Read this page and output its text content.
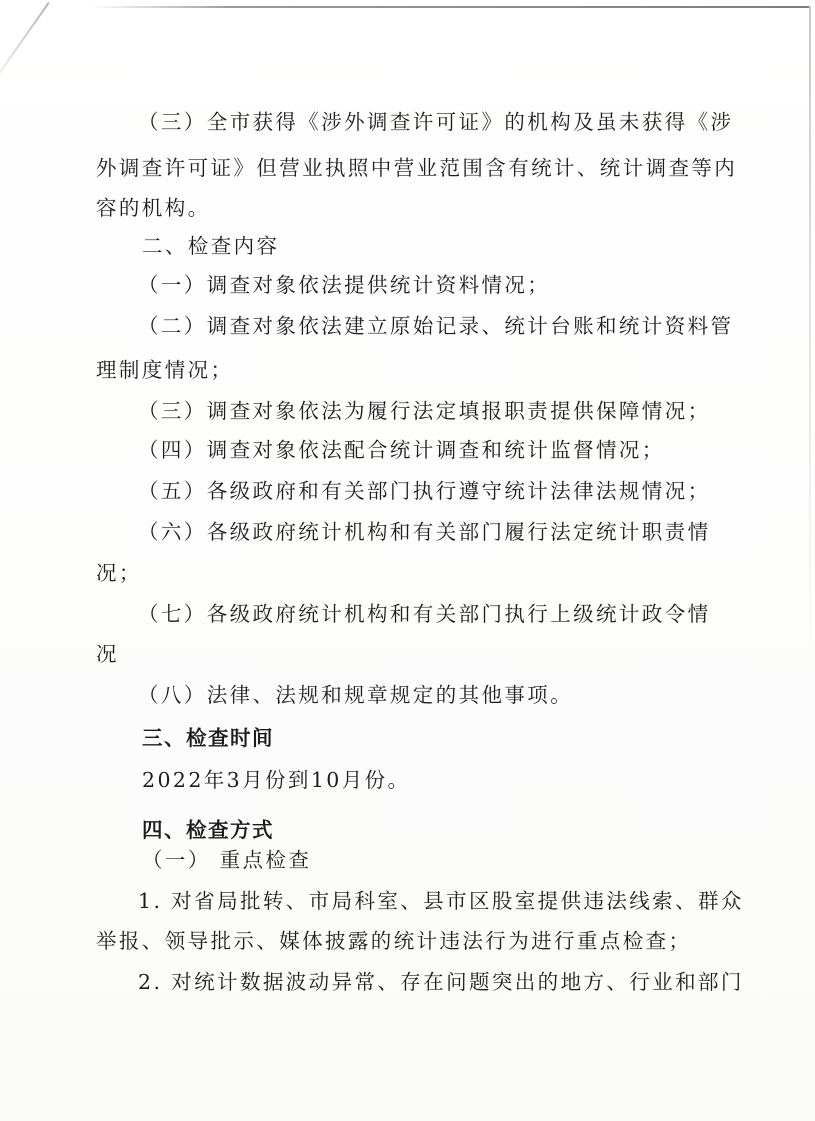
（三）全市获得《涉外调查许可证》的机构及虽未获得《涉
外调查许可证》但营业执照中营业范围含有统计、统计调查等内
容的机构。
二、检查内容
（一）调查对象依法提供统计资料情况；
（二）调查对象依法建立原始记录、统计台账和统计资料管
理制度情况；
（三）调查对象依法为履行法定填报职责提供保障情况；
（四）调查对象依法配合统计调查和统计监督情况；
（五）各级政府和有关部门执行遵守统计法律法规情况；
（六）各级政府统计机构和有关部门履行法定统计职责情
况；
（七）各级政府统计机构和有关部门执行上级统计政令情
况
（八）法律、法规和规章规定的其他事项。
三、检查时间
2022年3月份到10月份。
四、检查方式
（一） 重点检查
1. 对省局批转、市局科室、县市区股室提供违法线索、群众
举报、领导批示、媒体披露的统计违法行为进行重点检查；
2. 对统计数据波动异常、存在问题突出的地方、行业和部门
